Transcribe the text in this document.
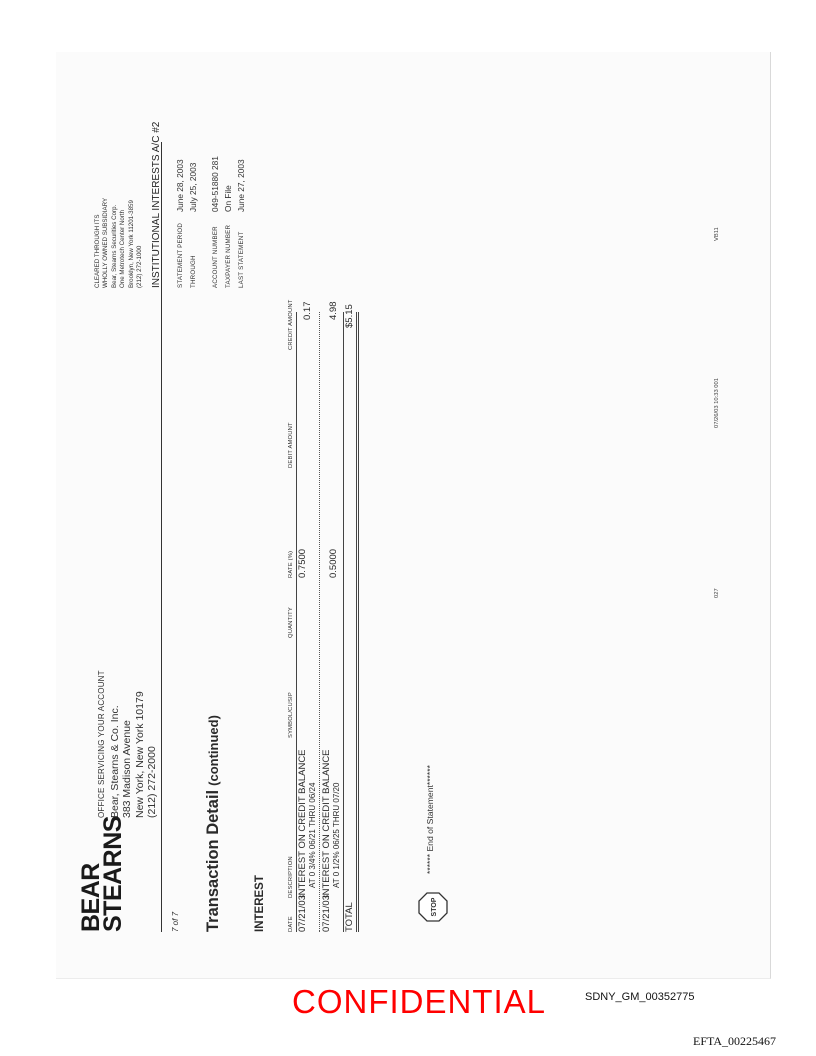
BEAR
STEARNS
OFFICE SERVICING YOUR ACCOUNT Bear, Stearns & Co. Inc. 383 Madison Avenue New York, New York 10179 (212) 272-2000
CLEARED THROUGH ITS WHOLLY OWNED SUBSIDIARY Bear, Stearns Securities Corp. One Metrotech Center North Brooklyn, New York 11201-3859 (212) 272-1000 INSTITUTIONAL INTERESTS A/C #2
7 of 7
STATEMENT PERIOD
June 28, 2003
THROUGH
July 25, 2003
ACCOUNT NUMBER
049-51880 281
TAXPAYER NUMBER
On File
LAST STATEMENT
June 27, 2003
Transaction Detail(continued)
INTEREST	DATE
DESCRIPTION
SYMBOL/CUSIP
QUANTITY
RATE (%)
DEBIT AMOUNT
CREDIT AMOUNT
07/21/03
INTEREST ON CREDIT BALANCE AT 0 3/4% 06/21 THRU 06/24
0.7500
0.17
07/21/03
INTEREST ON CREDIT BALANCE AT 0 1/2% 06/25 THRU 07/20
0.5000
4.98
TOTAL
$5.15
STOP
****** End of Statement******
027
07/26/03 10:33 001
VB11
CONFIDENTIAL	SDNY_GM_00352775
EFTA_00225467
